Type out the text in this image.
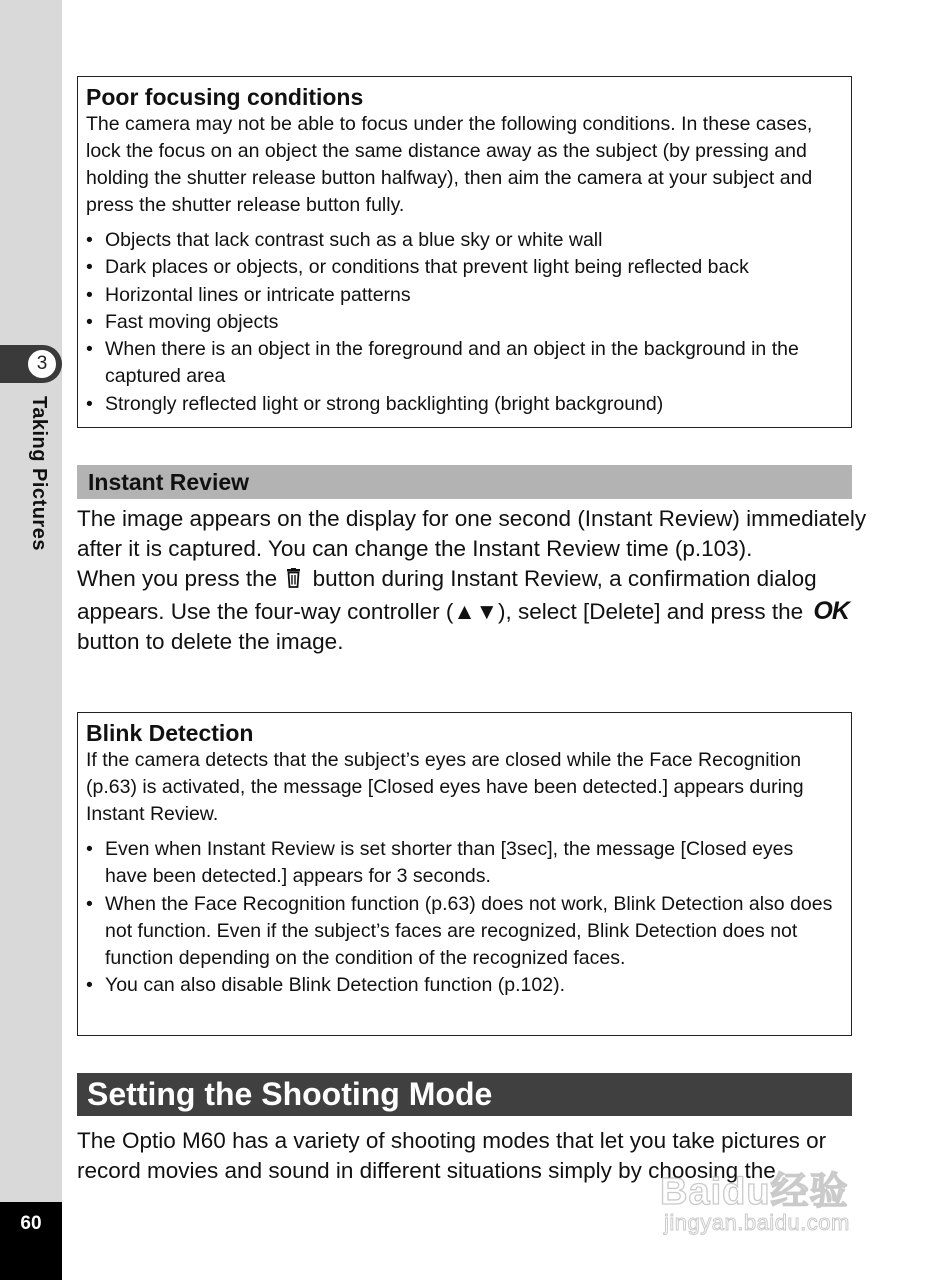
3
Taking Pictures
60
Poor focusing conditions
The camera may not be able to focus under the following conditions. In these cases, lock the focus on an object the same distance away as the subject (by pressing and holding the shutter release button halfway), then aim the camera at your subject and press the shutter release button fully.
• Objects that lack contrast such as a blue sky or white wall
• Dark places or objects, or conditions that prevent light being reflected back
• Horizontal lines or intricate patterns
• Fast moving objects
• When there is an object in the foreground and an object in the background in the captured area
• Strongly reflected light or strong backlighting (bright background)
Instant Review
The image appears on the display for one second (Instant Review) immediately after it is captured. You can change the Instant Review time (p.103).
When you press the button during Instant Review, a confirmation dialog appears. Use the four-way controller (▲▼), select [Delete] and press the OK button to delete the image.
Blink Detection
If the camera detects that the subject’s eyes are closed while the Face Recognition (p.63) is activated, the message [Closed eyes have been detected.] appears during Instant Review.
• Even when Instant Review is set shorter than [3sec], the message [Closed eyes have been detected.] appears for 3 seconds.
• When the Face Recognition function (p.63) does not work, Blink Detection also does not function. Even if the subject’s faces are recognized, Blink Detection does not function depending on the condition of the recognized faces.
• You can also disable Blink Detection function (p.102).
Setting the Shooting Mode
The Optio M60 has a variety of shooting modes that let you take pictures or record movies and sound in different situations simply by choosing the
Baidu经验
jingyan.baidu.com
